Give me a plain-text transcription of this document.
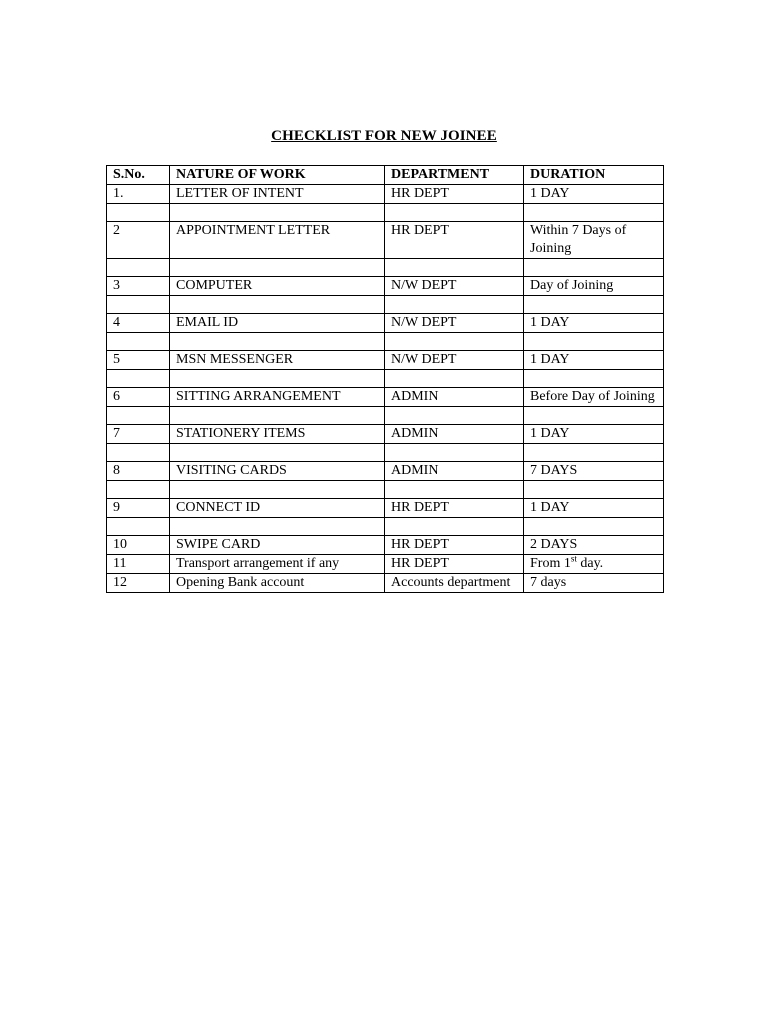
CHECKLIST FOR NEW JOINEE
S.No.	NATURE OF WORK	DEPARTMENT	DURATION
1.	LETTER OF INTENT	HR DEPT	1 DAY

2	APPOINTMENT LETTER	HR DEPT	Within 7 Days of Joining

3	COMPUTER	N/W DEPT	Day of Joining

4	EMAIL ID	N/W DEPT	1 DAY

5	MSN MESSENGER	N/W DEPT	1 DAY

6	SITTING ARRANGEMENT	ADMIN	Before Day of Joining

7	STATIONERY ITEMS	ADMIN	1 DAY

8	VISITING CARDS	ADMIN	7 DAYS

9	CONNECT ID	HR DEPT	1 DAY

10	SWIPE CARD	HR DEPT	2 DAYS
11	Transport arrangement if any	HR DEPT	From 1st day.
12	Opening Bank account	Accounts department	7 days
